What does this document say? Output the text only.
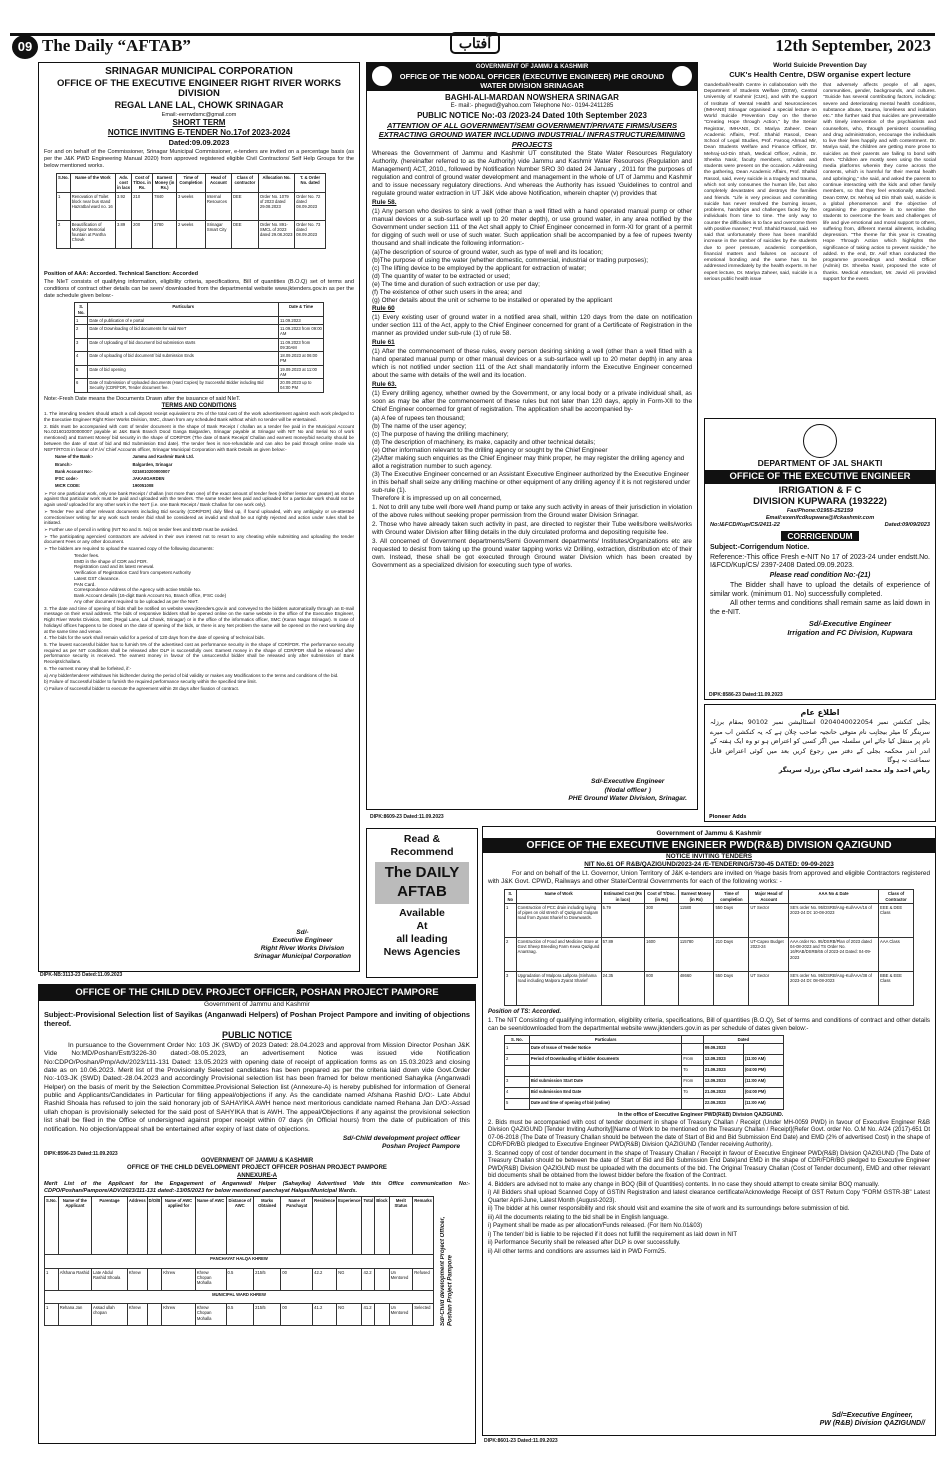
09 The Daily “AFTAB”	آفتاب	12th September, 2023
SRINAGAR MUNICIPAL CORPORATION
OFFICE OF THE EXECUTIVE ENGINEER RIGHT RIVER WORKS DIVISION
REGAL LANE LAL, CHOWK SRINAGAR
Email:-eerrwdsmc@gmail.com
SHORT TERM
NOTICE INVITING E-TENDER No.17of 2023-2024
Dated:09.09.2023

For and on behalf of the Commissioner, Srinagar Municipal Commissioner, e-tenders are invited on a percentage basis (as per the J&K PWD Engineering Manual 2020) from approved registered eligible Civil Contractors/ Self Help Groups for the below mentioned works.

S.No.	Name of the Work	Adv. cost in lacs	Cost of T/Doc. in Rs.	Earnest Money (in Rs.)	Time of Completion	Head of Account	Class of contractor	Allocation No.	T. & Order No. dated
1	Renovation of Toilet block near bus stand Hazratbal ward no. 16	3.92	210	7840	3 weeks	Internal Resources	DEE	Order No. 1079 of 2023 dated 29.08.2023	Order No. 72 dated 08.09.2023
2	Beautification of Mohjoor Memorial fountain at Pantha Chowk	3.89	200	3780	2 weeks	Srinagar Smart City	DEE	Order No. 891-SMCL of 2023 dated 29.08.2023	Order No. 73 dated 08.09.2023
Position of AAA: Accorded. Technical Sanction: Accorded

The NIeT consists of qualifying information, eligibility criteria, specifications, Bill of quantities (B.O.Q) set of terms and conditions of contract other details can be seen/ downloaded from the departmental website www.jktenders.gov.in as per the date schedule given below:-

S. No.	Particulars	Date & Time
1	Date of publication of e portal	11.09.2023
2	Date of Downloading of bid documents for said NIeT	11.09.2023 from 09:00 AM
3	Date of Uploading of bid document/ bid submission starts	11.09.2023 from 09:30AM
4	Date of uploading of bid document/ bid submission Ends	18.09.2023 at 06:00 PM
5	Date of bid opening	19.09.2023 at 11:00 AM
6	Date of Submission of Uploaded documents (Hard Copies) by Successful Bidder including Bid Security (CDR/FDR, Tender document fee.	20.09.2023 up to 04:00 PM
Note:-Fresh Date means the Documents Drawn after the issuance of said NIeT.
TERMS AND CONDITIONS

1. The intending tenders should attach a call deposit receipt equivalent to 2% of the total cost of the work advertisement against each work pledged to the Executive Engineer Right River Works Division, SMC, drawn from any scheduled Bank without which no tender will be entertained.

2. Bids must be accompanied with cost of tender document in the shape of Bank Receipt / challan as a tender fee paid in the Municipal Account No.0216010200000007 payable at J&K Bank Branch Dood Ganga Balgarden, Srinagar payable at Srinagar with NIT No and Serial No of work mentioned) and Earnest Money/ bid security in the shape of CDR/FDR (The date of Bank Receipt/ Challan and earnest money/bid security should be between the date of start of bid and Bid Submission End date). The tender fees is non-refundable and can also be paid through online mode via NEFT/RTGS in favour of F./A/ Chief Accounts officer, Srinagar Municipal Corporation with Bank Details as given below:-

Name of the Bank:-	Jammu and Kashmir Bank Ltd.
Branch:-	Balgarden, Srinagar
Bank Account No:-	0216010200000007
IFSC code:-	JAKA0GARDEN
MICR CODE:	190051008

➢ For one particular work, only one bank Receipt / challan (not more than one) of the exact amount of tender fees (neither lesser nor greater) as shown against that particular work must be paid and uploaded with the tenders. The same tender fees paid and uploaded for a particular work should not be again used/ uploaded for any other work in the NIeT (i.e. one Bank Receipt / Bank Challan for one work only).

➢ Tender Fee and other relevant documents including Bid security (CDR/FDR) duly filled up, if found uploaded, with any ambiguity or un-attested correction/over writing for any work such tender /bid shall be considered as invalid and shall be out rightly rejected and action under rules shall be initiated.

➢ Further use of pencil in writing (NIT No and S. No) on tender fees and EMD must be avoided.

➢ The participating agencies/ contractors are advised in their own interest not to resort to any cheating while submitting and uploading the tender document Fees or any other document.

➢ The bidders are required to upload the scanned copy of the following documents:

Tender fees.
EMD in the shape of CDR and FDR.
Registration card and its latest renewal.
Verification of Registration Card from competent Authority
Latest GST clearance.
PAN Card.
Correspondence Address of the Agency with active Mobile No.
Bank Account details (16-digit Bank Account No, Branch office, IFSC code)
Any other document required to be uploaded as per the NIeT.

3. The date and time of opening of bids shall be notified on website www.jktenders.gov.in and conveyed to the bidders automatically through an E-mail message on their email address. The bids of responsive bidders shall be opened online on the same website in the office of the Executive Engineer, Right River Works Division, SMC (Regal Lane, Lal Chowk, Srinagar) or in the office of the informatics officer, SMC (Karan Nagar Srinagar). In case of holidays/ offices happens to be closed on the date of opening of the bids, or there is any Net problem the same will be opened on the next working day at the same time and venue.

4. The bids for the work shall remain valid for a period of 120 days from the date of opening of technical bids.

5. The lowest successful bidder has to furnish 5% of the advertised cost as performance security in the shape of CDR/FDR. The performance security required as per NIT conditions shall be released after DLP is successfully over. Earnest money in the shape of CDR/FDR shall be released after performance security is received. The earnest money in favour of the unsuccessful bidder shall be released only after submission of Bank Receipts/challans.

6. The earnest money shall be forfeited, if:-

a) Any bidder/tenderer withdraws his bid/tender during the period of bid validity or makes any Modifications to the terms and conditions of the bid.

b) Failure of Successful bidder to furnish the required performance security within the specified time limit.

c) Failure of successful bidder to execute the agreement within 28 days after fixation of contract.

Sd/-
Executive Engineer
Right River Works Division
Srinagar Municipal Corporation
DIPK-NB:3113-23 Dated:11.09.2023
GOVERNMENT OF JAMMU & KASHMIR
OFFICE OF THE NODAL OFFICER (EXECUTIVE ENGINEER) PHE GROUND WATER DIVISION SRINAGAR
BAGHI-ALI-MARDAN NOWSHERA SRINAGAR
E- mail:- phegwd@yahoo.com Telephone No:- 0194-2411285
PUBLIC NOTICE No:-03 /2023-24 Dated 10th September 2023
ATTENTION OF ALL GOVERNMENT/SEMI GOVERNMENT/PRIVATE FIRMS/USERS EXTRACTING GROUND WATER INCLUDING INDUSTRIAL/ INFRASTRUCTURE/MINING PROJECTS

Whereas the Government of Jammu and Kashmir UT constituted the State Water Resources Regulatory Authority. (hereinafter referred to as the Authority) vide Jammu and Kashmir Water Resources (Regulation and Management) ACT, 2010., followed by Notification Number SRO 30 dated 24 January , 2011 for the purposes of regulation and control of ground water development and management in the whole of UT of Jammu and Kashmir and to issue necessary regulatory directions. And whereas the Authority has issued 'Guidelines to control and regulate ground water extraction in UT J&K vide above Notification, wherein chapter (v) provides that

Rule 58.

(1) Any person who desires to sink a well (other than a well fitted with a hand operated manual pump or other manual devices or a sub-surface well up to 20 meter depth), or use ground water, in any area notified by the Government under section 111 of the Act shall apply to Chief Engineer concerned in form-XI for grant of a permit for digging of such well or use of such water. Such application shall be accompanied by a fee of rupees twenty thousand and shall indicate the following information:-

(a)The description of source of ground water, such as type of well and its location;
(b)The purpose of using the water (whether domestic, commercial, industrial or trading purposes);
(c) The lifting device to be employed by the applicant for extraction of water;
(d) The quantity of water to be extracted or used;
(e) The time and duration of such extraction or use per day;
(f) The existence of other such users in the area; and
(g) Other details about the unit or scheme to be installed or operated by the applicant
Rule 60

(1) Every existing user of ground water in a notified area shall, within 120 days from the date on notification under section 111 of the Act, apply to the Chief Engineer concerned for grant of a Certificate of Registration in the manner as provided under sub-rule (1) of rule 58.

Rule 61

(1) After the commencement of these rules, every person desiring sinking a well (other than a well fitted with a hand operated manual pump or other manual devices or a sub-surface well up to 20 meter depth) in any area which is not notified under section 111 of the Act shall mandatorily inform the Executive Engineer concerned about the same with details of the well and its location.

Rule 63.

(1) Every drilling agency, whether owned by the Government, or any local body or a private individual shall, as soon as may be after the commencement of these rules but not later than 120 days, apply in Form-XII to the Chief Engineer concerned for grant of registration. The application shall be accompanied by-

(a) A fee of rupees ten thousand;
(b) The name of the user agency;
(c) The purpose of having the drilling machinery;
(d) The description of machinery, its make, capacity and other technical details;
(e) Other information relevant to the drilling agency or sought by the Chief Engineer
(2)After making such enquiries as the Chief Engineer may think proper, he may register the drilling agency and allot a registration number to such agency.
(3) The Executive Engineer concerned or an Assistant Executive Engineer authorized by the Executive Engineer in this behalf shall seize any drilling machine or other equipment of any drilling agency if it is not registered under sub-rule (1).
Therefore it is impressed up on all concerned,

1. Not to drill any tube well /bore well /hand pump or take any such activity in areas of their jurisdiction in violation of the above rules without seeking proper permission from the Ground water Division Srinagar.

2. Those who have already taken such activity in past, are directed to register their Tube wells/bore wells/works with Ground water Division after filling details in the duly circulated proforma and depositing requisite fee.

3. All concerned of Government departments/Semi Government departments/ Institutes/Organizations etc are requested to desist from taking up the ground water tapping works viz Drilling, extraction, distribution etc of their own. Instead, these shall be got executed through Ground water Division which has been created by Government as a specialized division for executing such type of works.

Sd/-Executive Engineer
(Nodal officer )
PHE Ground Water Division, Srinagar.
DIPK:8609-23 Dated:11.09.2023
World Suicide Prevention Day
CUK's Health Centre, DSW organise expert lecture

Ganderbal//Health Centre in collaboration with the Department of Students Welfare (DSW), Central University of Kashmir (CUK), and with the support of Institute of Mental Health and Neurosciences (IMHANS) Srinagar organised a special lecture on World Suicide Prevention Day on the theme "Creating Hope through Action," by the Senior Registrar, IMHANS, Dr. Mariya Zaheer. Dean Academic Affairs, Prof. Shahid Rasool, Dean School of Legal Studies, Prof. Farooq Ahmad Mir, Dean Students Welfare and Finance Officer, Dr. Mehraj-Ud-Din Shah, Medical Officer, Admin, Dr. Sheeba Nasir, faculty members, scholars and students were present on the occasion. Addressing the gathering, Dean Academic Affairs, Prof. Shahid Rasool, said, every suicide is a tragedy and trauma, which not only consumes the human life, but also completely devastates and destroys the families and friends. "Life is very precious and committing suicide has never resolved the burning issues, problems, hardships and challenges faced by the individuals from time to time. The only way to counter the difficulties is to face and overcome them with positive manner," Prof. Shahid Rasool, said. He said that unfortunately there has been manifold increase in the number of suicides by the students due to peer pressure, academic competition, financial matters and failures on account of emotional bonding and the same has to be addressed immediately by the health experts. In her expert lecture, Dr. Mariya Zaheer, said, suicide is a serious public health issue

that adversely affects people of all ages, communities, gender, backgrounds, and cultures. "Suicide has several contributing factors, including: severe and deteriorating mental health conditions, substance abuse, trauma, loneliness and isolation etc." She further said that suicides are preventable with timely intervention of the psychiatrists and counsellors, who, through persistent counselling and drug administration, encourage the individuals to live their lives happily and with contentment. Dr. Mariya said, the children are getting more prone to suicides as their parents are failing to bond with them. "Children are mostly seen using the social media platforms wherein they come across the contents, which is harmful for their mental health and upbringing," she said, and asked the parents to continue interacting with the kids and other family members, so that they feel emotionally attached. Dean DSW, Dr. Mehraj ud Din Shah said, suicide is a global phenomenon and the objective of organising the programme is to sensitise the students to overcome the fears and challenges of life and give emotional and moral support to others, suffering from, different mental ailments, including depression. "The theme for this year is Creating Hope Through Action which highlights the significance of taking action to prevent suicide," he added. In the end, Dr. Asif Khan conducted the programme proceedings and Medical Officer (Admin) Dr. Sheeba Nasir, proposed the vote of thanks. Medical Attendant, Mr. Javid Ali provided support for the event.

DEPARTMENT OF JAL SHAKTI
OFFICE OF THE EXECUTIVE ENGINEER
IRRIGATION & F C
DIVISION KUPWARA (193222)
Fax/Phone:01955-252159
Email:exenifcdkupwara@ifckashmir.com
No:I&FCD/Kup/CS/2411-22	Dated:09/09/2023
CORRIGENDUM
Subject:-Corrigendum Notice.

Reference:-This office Fresh e-NIT No 17 of 2023-24 under endstt.No. I&FCD/Kup/CS/ 2397-2408 Dated.09.09.2023.

Please read condition No:-(21)

The Bidder shall have to upload the details of experience of similar work. (minimum 01. No) successfully completed.

All other terms and conditions shall remain same as laid down in the e-NIT.

Sd/-Executive Engineer
Irrigation and FC Division, Kupwara
DIPK:8586-23 Dated:11.09.2023
اطلاع عام

بجلی کنکشن نمبر 0204040022054 انسٹالیشن نمبر 90102 بمقام برزلہ سرینگر کا میٹر بیجانِب نام متوفی حانجیہ صاحب چلان ہے کہ یہ کنکشن اب میرے نام پر منتقل کیا جائے اس سلسلہ میں اگر کسی کو اعتراض ہو تو وہ ایک ہفتہ کے اندر اندر محکمہ بجلی کے دفتر میں رجوع کریں بعد میں کوئی اعتراض قابل سماعت نہ ہوگا

ریاض احمد ولد محمد اشرف ساکن برزلہ سرینگر
Pioneer Adds
Read &
Recommend
The DAILY
AFTAB
Available
At
all leading
News Agencies
Government of Jammu & Kashmir
OFFICE OF THE EXECUTIVE ENGINEER PWD(R&B) DIVISION QAZIGUND
NOTICE INVITING TENDERS
NIT No.61 OF R&B/QAZIGUND/2023-24 /E-TENDERING/5730-45 DATED: 09-09-2023

For and on behalf of the Lt. Governor, Union Territory of J&K e-tenders are invited on %age basis from approved and eligible Contractors registered with J&K Govt. CPWD, Railways and other State/Central Governments for each of the following works: -

S. No	Name of Work	Estimated Cost (Rs in lacs)	Cost of T/Doc. (in Rs)	Earnest Money (in Rs)	Time of completion	Major Head of Account	AAA No & Date	Class of Contractor
1	Construction of PCC drain including laying of pipes on old stretch of Qazigund Gulgam road from Zyarat Sharief to Downwards.	5.79	300	11580	550 Days	UT Sector	SE's order No. 95/DSRB/Ang-Kul/AAA/16 of 2023-24 Dt: 10-08-2023	EEE & DEE Class
2	Construction of Food and Medicine Store at Govt Sheep Breeding Farm Kewa Qazigund Anantnag.	57.89	1600	115780	210 Days	UT-Capex Budget 2023-24	AAA order No. 95/DSRB/Plan of 2023 dated 04-08-2023 and TS Order No. 16/RAB/DSRB/65 of 2023-24 Dated: 04-09-2023	AAA Class
3	Upgradation of Malpora Lallpora (Sinhama road including Malpora Zyarat Sharief	24.35	800	48660	550 Days	UT Sector	SE's order No. 95/DSRB/Ang-Kul/AAA/38 of 2023-24 Dt: 08-08-2023	BBE & EEE Class
Position of TS: Accorded.

1. The NIT Consisting of qualifying information, eligibility criteria, specifications, Bill of quantities (B.O.Q), Set of terms and conditions of contract and other details can be seen/downloaded from the departmental website www.jktenders.gov.in as per schedule of dates given below:-

S. No.	Particulars		Dated	
1	Date of Issue of Tender Notice		09.09.2023	
2	Period of Downloading of bidder documents	From	12.09.2023	(11:00 AM)
		To	21.09.2023	(04:00 PM)
3	Bid submission Start Date	From	12.09.2023	(11:00 AM)
4	Bid submission End Date	To	21.09.2023	(04:00 PM)
5	Date and time of opening of bid (online)		22.09.2023	(11:00 AM)
In the office of Executive Engineer PWD(R&B) Division QAZIGUND.

2. Bids must be accompanied with cost of tender document in shape of Treasury Challan / Receipt (Under MH-0059 PWD) in favour of Executive Engineer R&B Division QAZIGUND [Tender Inviting Authority][Name of Work to be mentioned on the Treasury Challan / Receipt](Refer Govt. order No. O.M No. A/24 (2017)-651 Dt 07-06-2018 (The Date of Treasury Challan should be between the date of Start of Bid and Bid Submission End Date) and EMD (2% of advertised Cost) in the shape of CDR/FDR/BG pledged to Executive Engineer PWD(R&B) Division QAZIGUND (Tender receiving Authority).

3. Scanned copy of cost of tender document in the shape of Treasury Challan / Receipt in favour of Executive Engineer PWD(R&B) Division QAZIGUND (The Date of Treasury Challan should be between the date of Start of Bid and Bid Submission End Date)and EMD in the shape of CDR/FDR/BG pledged to Executive Engineer PWD(R&B) Division QAZIGUND must be uploaded with the documents of the bid. The Original Treasury Challan (Cost of Tender document), EMD and other relevant bid documents shall be obtained from the lowest bidder before the fixation of the Contract.

4. Bidders are advised not to make any change in BOQ (Bill of Quantities) contents. In no case they should attempt to create similar BOQ manually.

i) All Bidders shall upload Scanned Copy of GSTIN Registration and latest clearance certificate/Acknowledge Receipt of GST Return Copy "FORM GSTR-3B" Latest Quarter April-June, Latest Month (August-2023).

ii) The bidder at his owner responsibility and risk should visit and examine the site of work and its surroundings before submission of bid.

iii) All the documents relating to the bid shall be in English language.

i) Payment shall be made as per allocation/Funds released. (For Item No.01&03)

i) The tender/ bid is liable to be rejected if it does not fulfill the requirement as laid down in NIT

ii) Performance Security shall be released after DLP is over successfully.

ii) All other terms and conditions are assumes laid in PWD Form25.

Sd/=Executive Engineer,
PW (R&B) Division QAZIGUND//
DIPK:8601-23 Dated:11.09.2023
OFFICE OF THE CHILD DEV. PROJECT OFFICER, POSHAN PROJECT PAMPORE
Government of Jammu and Kashmir

Subject:-Provisional Selection list of Sayikas (Anganwadi Helpers) of Poshan Project Pampore and inviting of objections thereof.

PUBLIC NOTICE

In pursuance to the Government Order No: 103 JK (SWD) of 2023 Dated: 28.04.2023 and approval from Mission Director Poshan J&K Vide No:MD/Poshan/Estt/3226-30 dated:-08.05.2023, an advertisement Notice was issued vide Notification No:CDPO/Poshan/Pmp/Adv/2023/111-131 Dated: 13.05.2023 with opening date of receipt of application forms as on 15.03.2023 and closing date as on 10.06.2023. Merit list of the Provisionally Selected candidates has been prepared as per the criteria laid down vide Govt.Order No:-103-JK (SWD) Dated:-28.04.2023 and accordingly Provisional selection list has been framed for below mentioned Sahayika (Anganwadi Helper) on the basis of merit by the Selection Committee.Provisional Selection list (Annexure-A) is hereby published for information of General public and Applicants/Candidates in Particular for filing appeal/objections if any. As the candidate named Afshana Rashid D/O:- Late Abdul Rashid Shoala has refused to join the said honorary job of SAHAYIKA AWH hence next meritorious candidate named Rehana Jan D/O:-Assad ullah chopan is provisionally selected for the said post of SAHYIKA that is AWH. The appeal/Objections if any against the provisional selection list shall be filed in the Office of undersigned against proper receipt within 07 days (in Official hours) from the date of publication of this notification. No objection/appeal shall be entertained after expiry of last date of objections.

Sd/-Child development project officer
Poshan Project Pampore
DIPK:8596-23 Dated:11.09.2023
GOVERNMENT OF JAMMU & KASHMIR
OFFICE OF THE CHILD DEVELOPMENT PROJECT OFFICER POSHAN PROJECT PAMPORE
ANNEXURE-A

Merit List of the Applicant for the Engagement of Anganwadi Helper (Sahayika) Advertised Vide this Office communication No:-CDPO/Poshan/Pampore/ADV/2023/111-131 dated:-13/05/2023 for below mentioned panchayat Halqas/Municipal Wards.

S.No.	Name of the Applicant	Parentage	Address	D/O/B	Name of AWC applied for	Name of AWC	Distance of AWC	Marks Obtained	Name of Panchayat	Residence	Experience	Total	Block	Merit Status	Remarks
PANCHAYAT HALQA KHREW															
1	Afshana Rashid	Late Abdul Rashid Shoala	Khrew		Khrew	Khrew Chopan Mohalla	0.5	215/5	00	42.2	NG	42.2		Un Mentored	Refused
MUNICIPAL WARD KHREW															
1	Rehana Jan	Assad ullah chopan	Khrew		Khrew	Khrew Chopan Mohalla	0.5	215/5	00	41.2	NG	41.2		Un Mentored	Selected Sd/-Child development Project Officer, Poshan Project Pampore
